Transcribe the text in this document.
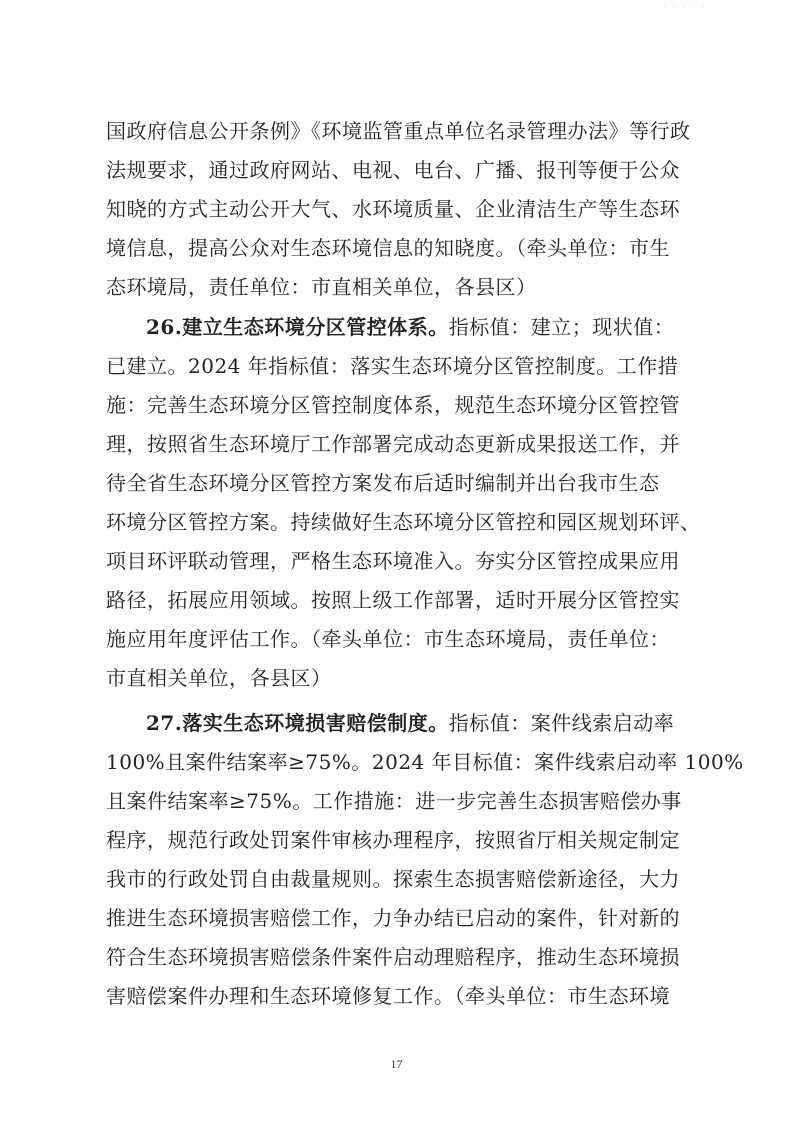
· · · · ·
国政府信息公开条例》《环境监管重点单位名录管理办法》等行政
法规要求，通过政府网站、电视、电台、广播、报刊等便于公众
知晓的方式主动公开大气、水环境质量、企业清洁生产等生态环
境信息，提高公众对生态环境信息的知晓度。（牵头单位：市生
态环境局，责任单位：市直相关单位，各县区）
26.建立生态环境分区管控体系。指标值：建立；现状值：
已建立。2024 年指标值：落实生态环境分区管控制度。工作措
施：完善生态环境分区管控制度体系，规范生态环境分区管控管
理，按照省生态环境厅工作部署完成动态更新成果报送工作，并
待全省生态环境分区管控方案发布后适时编制并出台我市生态
环境分区管控方案。持续做好生态环境分区管控和园区规划环评、
项目环评联动管理，严格生态环境准入。夯实分区管控成果应用
路径，拓展应用领域。按照上级工作部署，适时开展分区管控实
施应用年度评估工作。（牵头单位：市生态环境局，责任单位：
市直相关单位，各县区）
27.落实生态环境损害赔偿制度。指标值：案件线索启动率
100%且案件结案率≥75%。2024 年目标值：案件线索启动率 100%
且案件结案率≥75%。工作措施：进一步完善生态损害赔偿办事
程序，规范行政处罚案件审核办理程序，按照省厅相关规定制定
我市的行政处罚自由裁量规则。探索生态损害赔偿新途径，大力
推进生态环境损害赔偿工作，力争办结已启动的案件，针对新的
符合生态环境损害赔偿条件案件启动理赔程序，推动生态环境损
害赔偿案件办理和生态环境修复工作。（牵头单位：市生态环境
17
